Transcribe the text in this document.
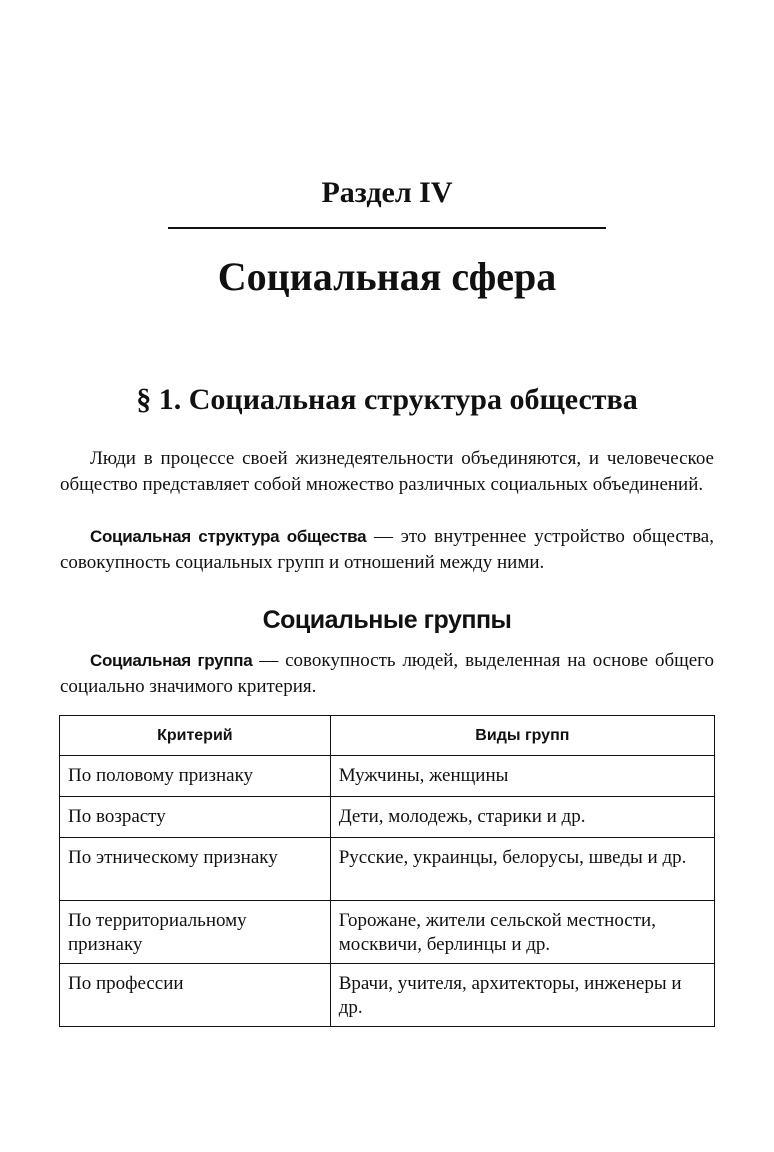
Раздел IV
Социальная сфера
§ 1. Социальная структура общества

Люди в процессе своей жизнедеятельности объединяются, и человеческое общество представляет собой множество различных социальных объединений.

Социальная структура общества — это внутреннее устройство общества, совокупность социальных групп и отношений между ними.

Социальные группы

Социальная группа — совокупность людей, выделенная на основе общего социально значимого критерия.

Критерий	Виды групп
По половому признаку	Мужчины, женщины
По возрасту	Дети, молодежь, старики и др.
По этническому признаку	Русские, украинцы, белорусы, шведы и др.
По территориальному признаку	Горожане, жители сельской местности, москвичи, берлинцы и др.
По профессии	Врачи, учителя, архитекторы, инженеры и др.
